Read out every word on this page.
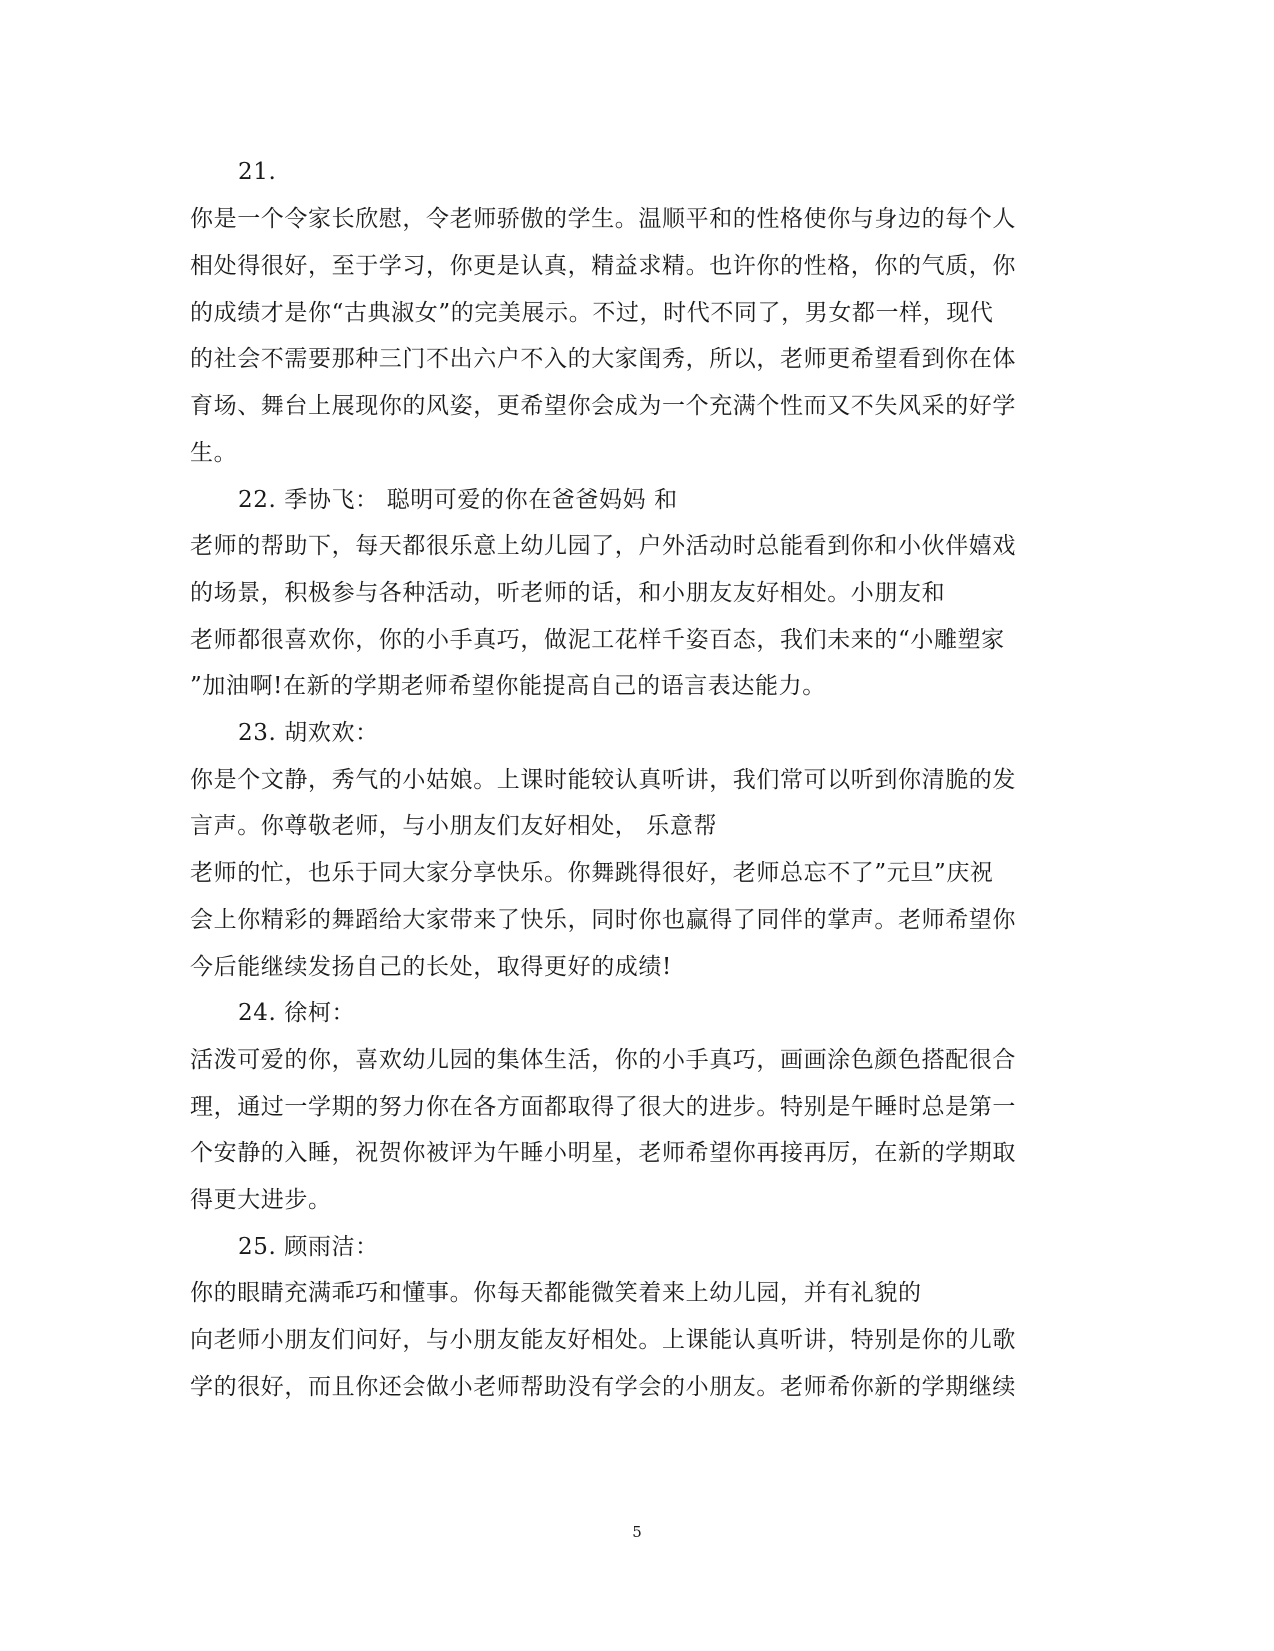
21.
你是一个令家长欣慰，令老师骄傲的学生。温顺平和的性格使你与身边的每个人
相处得很好，至于学习，你更是认真，精益求精。也许你的性格，你的气质，你
的成绩才是你“古典淑女”的完美展示。不过，时代不同了，男女都一样，现代
的社会不需要那种三门不出六户不入的大家闺秀，所以，老师更希望看到你在体
育场、舞台上展现你的风姿，更希望你会成为一个充满个性而又不失风采的好学
生。
22. 季协飞： 聪明可爱的你在爸爸妈妈 和
老师的帮助下，每天都很乐意上幼儿园了，户外活动时总能看到你和小伙伴嬉戏
的场景，积极参与各种活动，听老师的话，和小朋友友好相处。小朋友和
老师都很喜欢你，你的小手真巧，做泥工花样千姿百态，我们未来的“小雕塑家
”加油啊!在新的学期老师希望你能提高自己的语言表达能力。
23. 胡欢欢：
你是个文静，秀气的小姑娘。上课时能较认真听讲，我们常可以听到你清脆的发
言声。你尊敬老师，与小朋友们友好相处， 乐意帮
老师的忙，也乐于同大家分享快乐。你舞跳得很好，老师总忘不了”元旦”庆祝
会上你精彩的舞蹈给大家带来了快乐，同时你也赢得了同伴的掌声。老师希望你
今后能继续发扬自己的长处，取得更好的成绩!
24. 徐柯：
活泼可爱的你，喜欢幼儿园的集体生活，你的小手真巧，画画涂色颜色搭配很合
理，通过一学期的努力你在各方面都取得了很大的进步。特别是午睡时总是第一
个安静的入睡，祝贺你被评为午睡小明星，老师希望你再接再厉，在新的学期取
得更大进步。
25. 顾雨洁：
你的眼睛充满乖巧和懂事。你每天都能微笑着来上幼儿园，并有礼貌的
向老师小朋友们问好，与小朋友能友好相处。上课能认真听讲，特别是你的儿歌
学的很好，而且你还会做小老师帮助没有学会的小朋友。老师希你新的学期继续
5
